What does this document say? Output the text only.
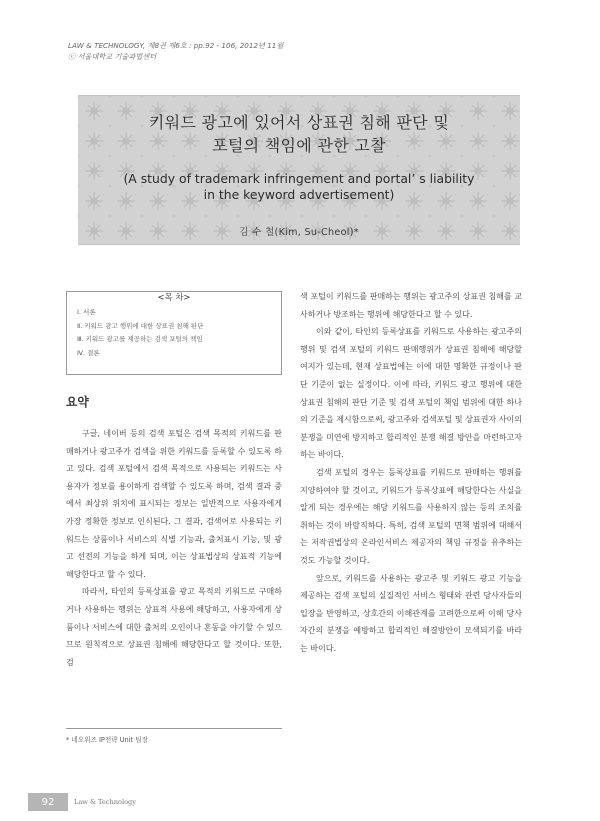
LAW & TECHNOLOGY, 제8권 제6호 : pp.92 - 106, 2012년 11월
ⓒ 서울대학교 기술과법센터
키워드 광고에 있어서 상표권 침해 판단 및
포털의 책임에 관한 고찰
(A study of trademark infringement and portal’ s liability
in the keyword advertisement)
김 수 철(Kim, Su-Cheol)*
<목 차>
Ⅰ. 서론
Ⅱ. 키워드 광고 행위에 대한 상표권 침해 판단
Ⅲ. 키워드 광고를 제공하는 검색 포털의 책임
Ⅳ. 결론
요약

구글, 네이버 등의 검색 포털은 검색 목적의 키워드를 판매하거나 광고주가 검색을 위한 키워드를 등록할 수 있도록 하고 있다. 검색 포털에서 검색 목적으로 사용되는 키워드는 사용자가 정보를 용이하게 검색할 수 있도록 하며, 검색 결과 중에서 최상위 위치에 표시되는 정보는 일반적으로 사용자에게 가장 정확한 정보로 인식된다. 그 결과, 검색어로 사용되는 키워드는 상품이나 서비스의 식별 기능과, 출처표시 기능, 및 광고 선전의 기능을 하게 되며, 이는 상표법상의 상표적 기능에 해당한다고 할 수 있다.

따라서, 타인의 등록상표를 광고 목적의 키워드로 구매하거나 사용하는 행위는 상표적 사용에 해당하고, 사용자에게 상품이나 서비스에 대한 출처의 오인이나 혼동을 야기할 수 있으므로 원칙적으로 상표권 침해에 해당한다고 할 것이다. 또한, 검

색 포털이 키워드를 판매하는 행위는 광고주의 상표권 침해를 교사하거나 방조하는 행위에 해당한다고 할 수 있다.

이와 같이, 타인의 등록상표를 키워드로 사용하는 광고주의 행위 및 검색 포털의 키워드 판매행위가 상표권 침해에 해당할 여지가 있는데, 현재 상표법에는 이에 대한 명확한 규정이나 판단 기준이 없는 실정이다. 이에 따라, 키워드 광고 행위에 대한 상표권 침해의 판단 기준 및 검색 포털의 책임 범위에 대한 하나의 기준을 제시함으로써, 광고주와 검색포털 및 상표권자 사이의 분쟁을 미연에 방지하고 합리적인 분쟁 해결 방안을 마련하고자 하는 바이다.

검색 포털의 경우는 등록상표를 키워드로 판매하는 행위를 지양하여야 할 것이고, 키워드가 등록상표에 해당한다는 사실을 알게 되는 경우에는 해당 키워드를 사용하지 않는 등의 조치를 취하는 것이 바람직하다. 특히, 검색 포털의 면책 범위에 대해서는 저작권법상의 온라인서비스 제공자의 책임 규정을 유추하는 것도 가능할 것이다.

앞으로, 키워드를 사용하는 광고주 및 키워드 광고 기능을 제공하는 검색 포털의 실질적인 서비스 형태와 관련 당사자들의 입장을 반영하고, 상호간의 이해관계를 고려한으로써 이해 당사자간의 분쟁을 예방하고 합리적인 해결방안이 모색되기를 바라는 바이다.

* 네오위즈 IP전략 Unit 팀장
92	Law & Technology
